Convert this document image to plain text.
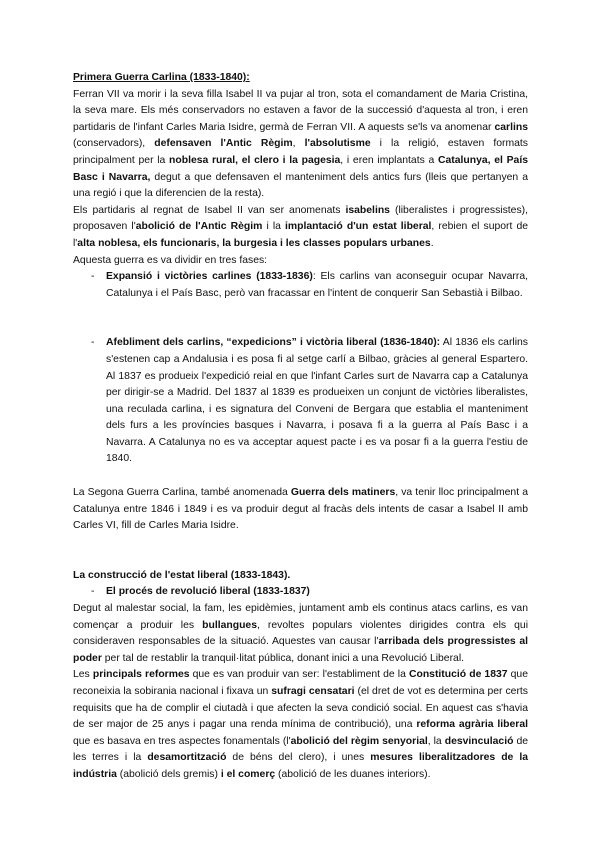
Primera Guerra Carlina (1833-1840):

Ferran VII va morir i la seva filla Isabel II va pujar al tron, sota el comandament de Maria Cristina, la seva mare. Els més conservadors no estaven a favor de la successió d'aquesta al tron, i eren partidaris de l'infant Carles Maria Isidre, germà de Ferran VII. A aquests se'ls va anomenar carlins (conservadors), defensaven l'Antic Règim, l'absolutisme i la religió, estaven formats principalment per la noblesa rural, el clero i la pagesia, i eren implantats a Catalunya, el País Basc i Navarra, degut a que defensaven el manteniment dels antics furs (lleis que pertanyen a una regió i que la diferencien de la resta).

Els partidaris al regnat de Isabel II van ser anomenats isabelins (liberalistes i progressistes), proposaven l'abolició de l'Antic Règim i la implantació d'un estat liberal, rebien el suport de l'alta noblesa, els funcionaris, la burgesia i les classes populars urbanes.

Aquesta guerra es va dividir en tres fases:

- Expansió i victòries carlines (1833-1836): Els carlins van aconseguir ocupar Navarra, Catalunya i el País Basc, però van fracassar en l'intent de conquerir San Sebastià i Bilbao.
- Afebliment dels carlins, “expedicions” i victòria liberal (1836-1840): Al 1836 els carlins s'estenen cap a Andalusia i es posa fi al setge carlí a Bilbao, gràcies al general Espartero. Al 1837 es produeix l'expedició reial en que l'infant Carles surt de Navarra cap a Catalunya per dirigir-se a Madrid. Del 1837 al 1839 es produeixen un conjunt de victòries liberalistes, una reculada carlina, i es signatura del Conveni de Bergara que establia el manteniment dels furs a les províncies basques i Navarra, i posava fi a la guerra al País Basc i a Navarra. A Catalunya no es va acceptar aquest pacte i es va posar fi a la guerra l'estiu de 1840.

La Segona Guerra Carlina, també anomenada Guerra dels matiners, va tenir lloc principalment a Catalunya entre 1846 i 1849 i es va produir degut al fracàs dels intents de casar a Isabel II amb Carles VI, fill de Carles Maria Isidre.

La construcció de l'estat liberal (1833-1843).

- El procés de revolució liberal (1833-1837)

Degut al malestar social, la fam, les epidèmies, juntament amb els continus atacs carlins, es van començar a produir les bullangues, revoltes populars violentes dirigides contra els qui consideraven responsables de la situació. Aquestes van causar l'arribada dels progressistes al poder per tal de restablir la tranquil·litat pública, donant inici a una Revolució Liberal.

Les principals reformes que es van produir van ser: l'establiment de la Constitució de 1837 que reconeixia la sobirania nacional i fixava un sufragi censatari (el dret de vot es determina per certs requisits que ha de complir el ciutadà i que afecten la seva condició social. En aquest cas s'havia de ser major de 25 anys i pagar una renda mínima de contribució), una reforma agrària liberal que es basava en tres aspectes fonamentals (l'abolició del règim senyorial, la desvinculació de les terres i la desamortització de béns del clero), i unes mesures liberalitzadores de la indústria (abolició dels gremis) i el comerç (abolició de les duanes interiors).
